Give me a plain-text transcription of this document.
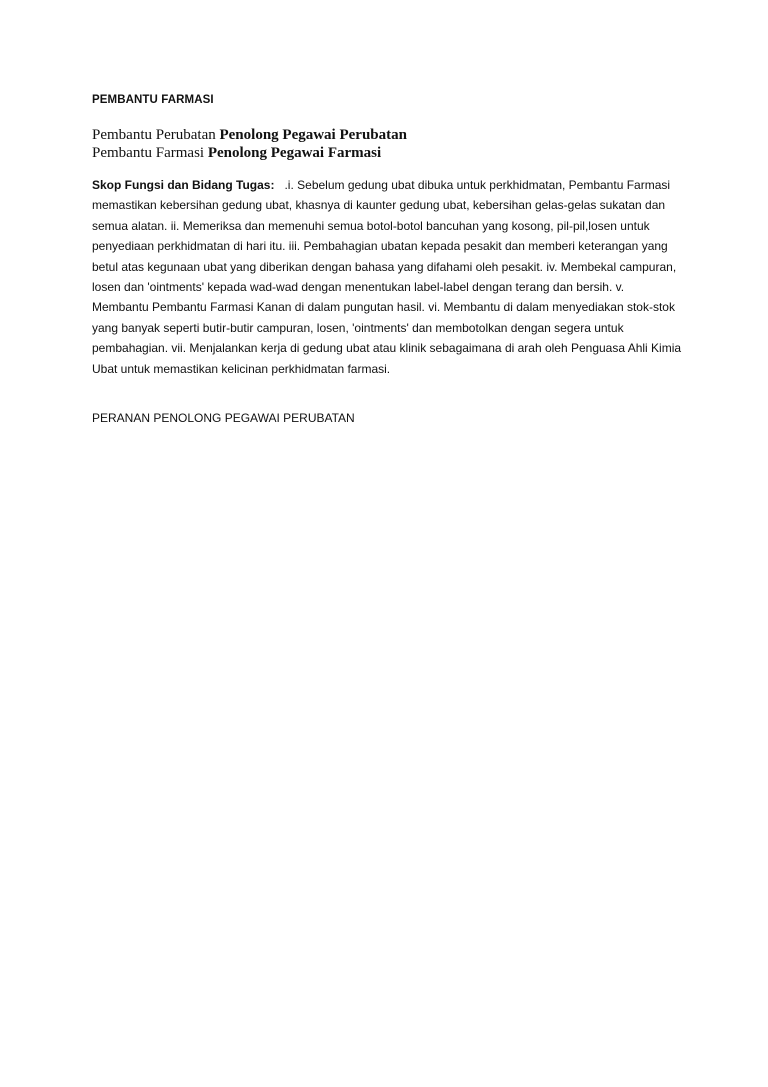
PEMBANTU FARMASI
Pembantu Perubatan Penolong Pegawai Perubatan
Pembantu Farmasi Penolong Pegawai Farmasi
Skop Fungsi dan Bidang Tugas: .i. Sebelum gedung ubat dibuka untuk perkhidmatan, Pembantu Farmasi memastikan kebersihan gedung ubat, khasnya di kaunter gedung ubat, kebersihan gelas-gelas sukatan dan semua alatan. ii. Memeriksa dan memenuhi semua botol-botol bancuhan yang kosong, pil-pil,losen untuk penyediaan perkhidmatan di hari itu. iii. Pembahagian ubatan kepada pesakit dan memberi keterangan yang betul atas kegunaan ubat yang diberikan dengan bahasa yang difahami oleh pesakit. iv. Membekal campuran, losen dan 'ointments' kepada wad-wad dengan menentukan label-label dengan terang dan bersih. v. Membantu Pembantu Farmasi Kanan di dalam pungutan hasil. vi. Membantu di dalam menyediakan stok-stok yang banyak seperti butir-butir campuran, losen, 'ointments' dan membotolkan dengan segera untuk pembahagian. vii. Menjalankan kerja di gedung ubat atau klinik sebagaimana di arah oleh Penguasa Ahli Kimia Ubat untuk memastikan kelicinan perkhidmatan farmasi.
PERANAN PENOLONG PEGAWAI PERUBATAN
